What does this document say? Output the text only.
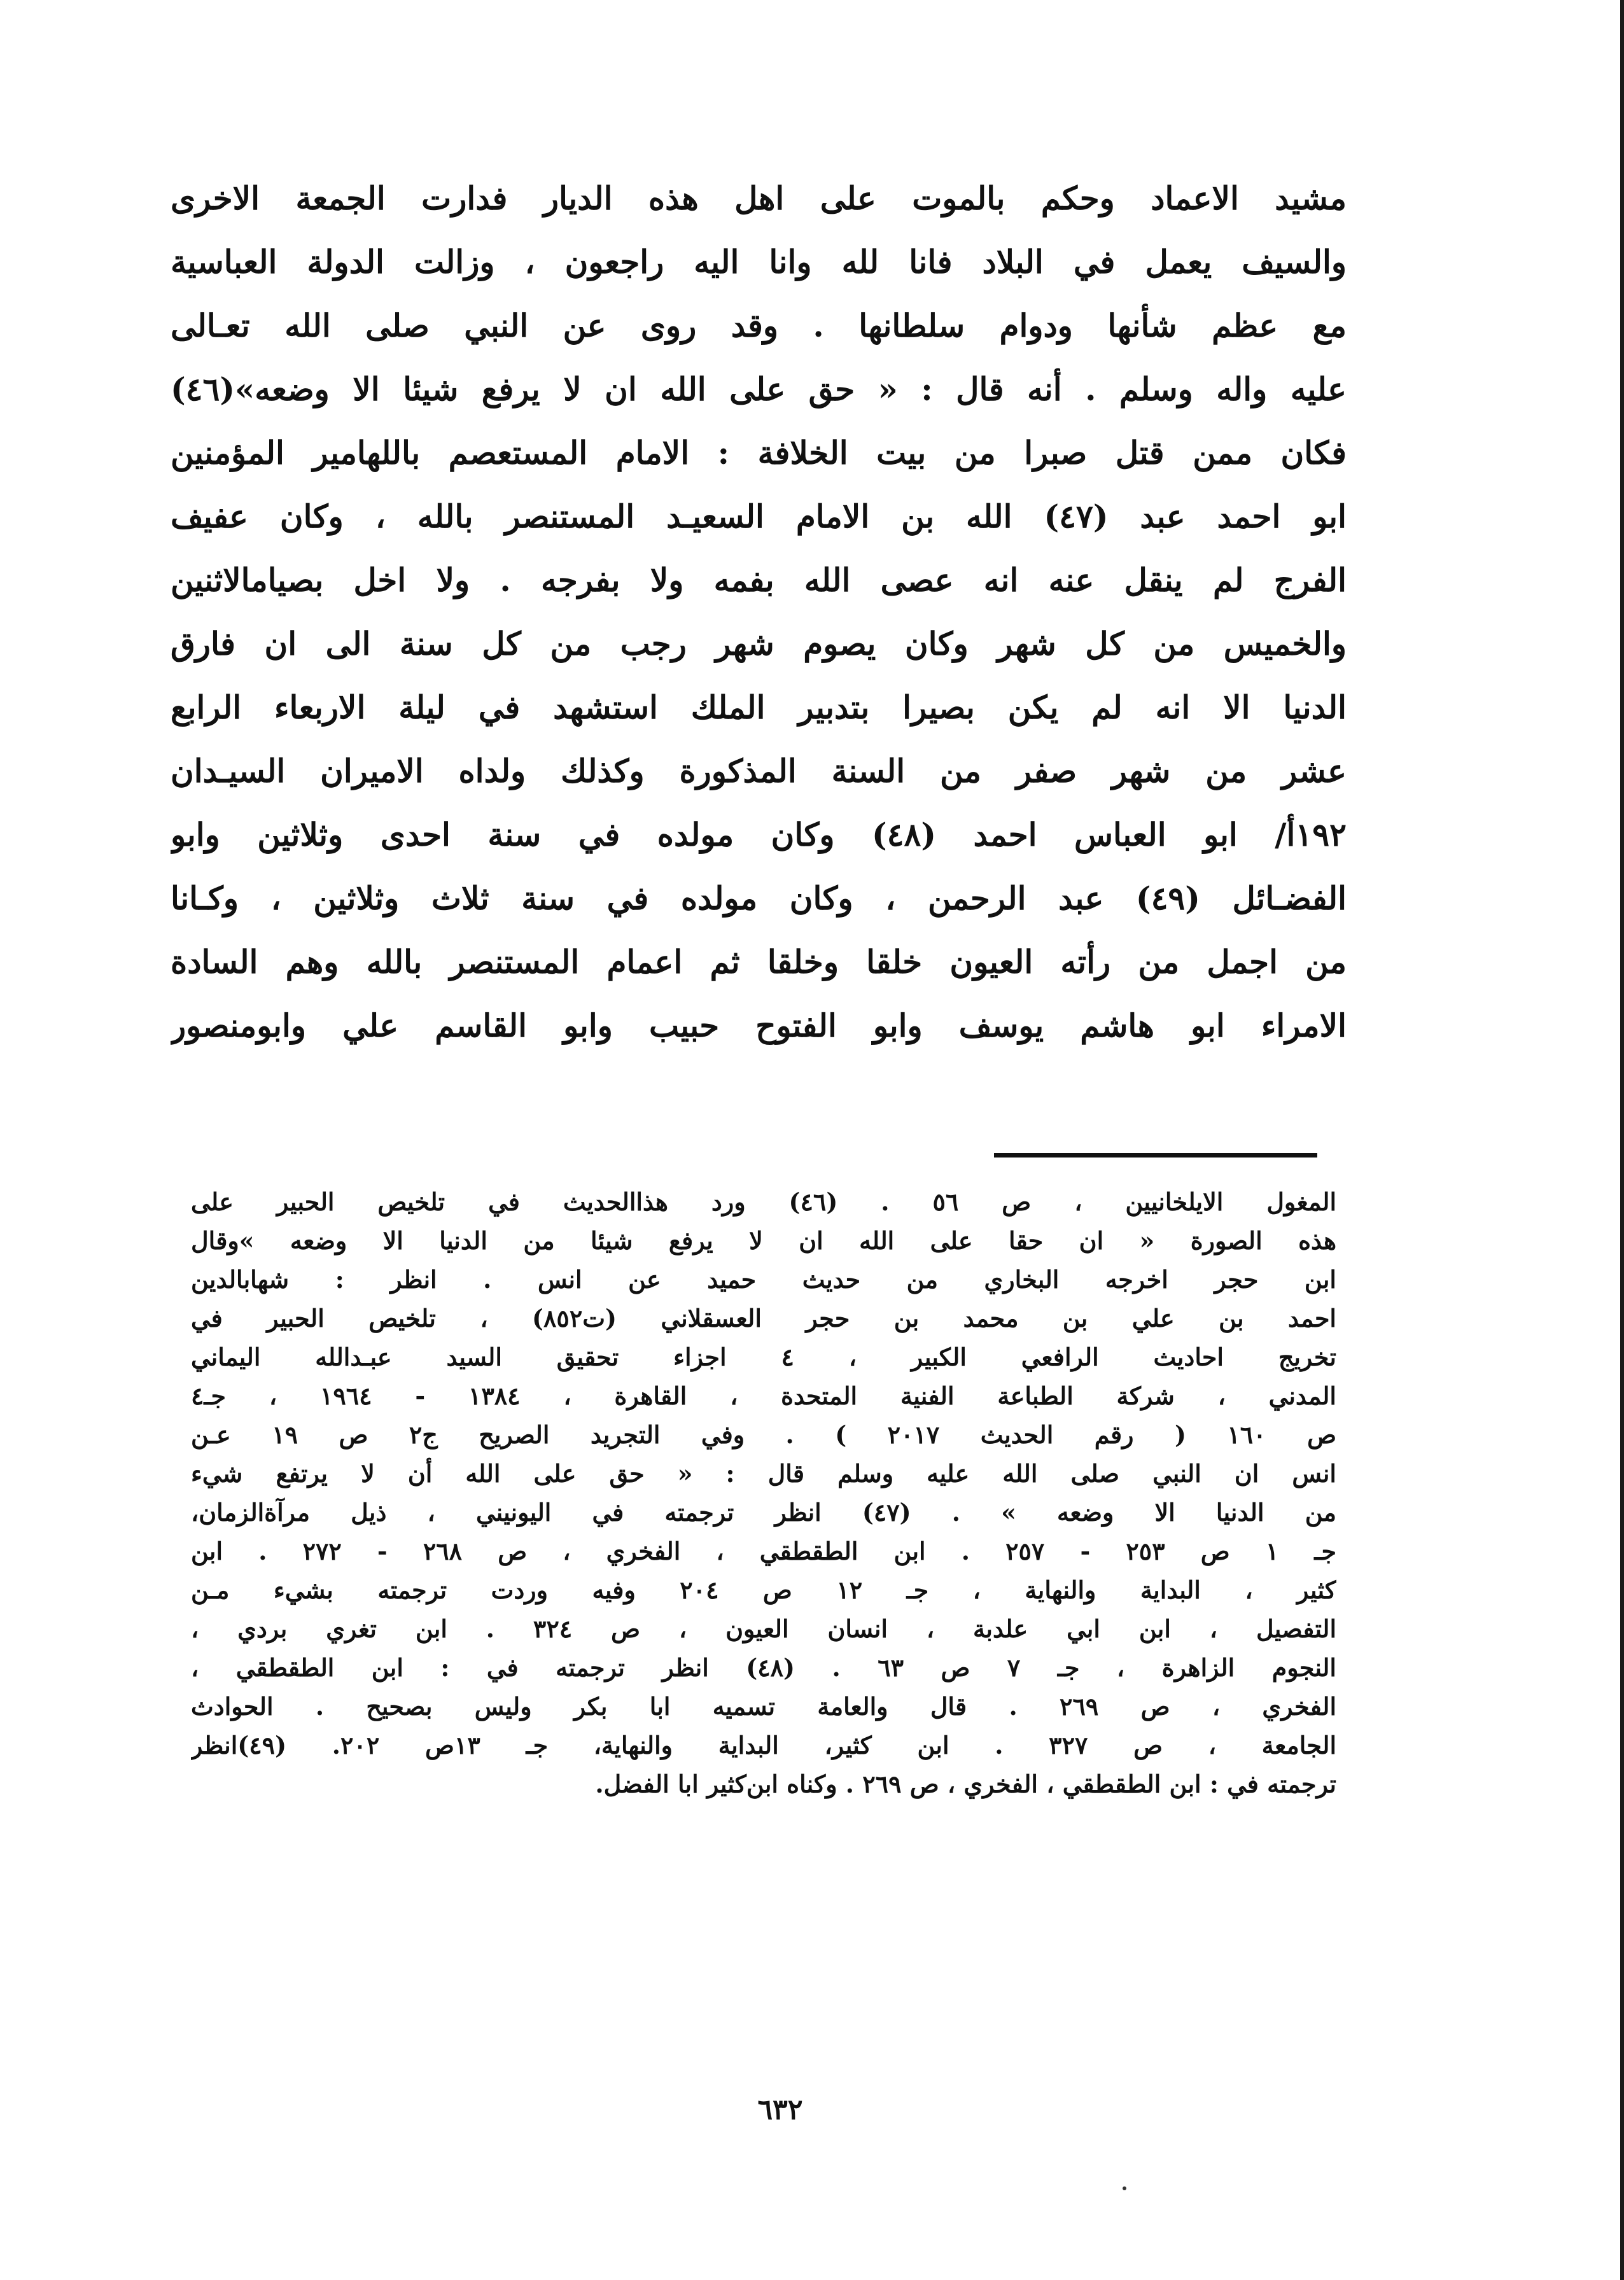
مشيد الاعماد وحكم بالموت على اهل هذه الديار فدارت الجمعة الاخرى
والسيف يعمل في البلاد فانا لله وانا اليه راجعون ، وزالت الدولة العباسية
مع عظم شأنها ودوام سلطانها . وقد روى عن النبي صلى الله تعـالى
عليه واله وسلم . أنه قال : « حق على الله ان لا يرفع شيئا الا وضعه»(٤٦)
فكان ممن قتل صبرا من بيت الخلافة : الامام المستعصم باللهامير المؤمنين
ابو احمد عبد (٤٧) الله بن الامام السعيـد المستنصر بالله ، وكان عفيف
الفرج لم ينقل عنه انه عصى الله بفمه ولا بفرجه . ولا اخل بصيامالاثنين
والخميس من كل شهر وكان يصوم شهر رجب من كل سنة الى ان فارق
الدنيا الا انه لم يكن بصيرا بتدبير الملك استشهد في ليلة الاربعاء الرابع
عشر من شهر صفر من السنة المذكورة وكذلك ولداه الاميران السيـدان
١٩٢أ/ ابو العباس احمد (٤٨) وكان مولده في سنة احدى وثلاثين وابو
الفضـائل (٤٩) عبد الرحمن ، وكان مولده في سنة ثلاث وثلاثين ، وكـانا
من اجمل من رأته العيون خلقا وخلقا ثم اعمام المستنصر بالله وهم السادة
الامراء ابو هاشم يوسف وابو الفتوح حبيب وابو القاسم علي وابومنصور
المغول الايلخانيين ، ص ٥٦ . (٤٦) ورد هذاالحديث في تلخيص الحبير على
هذه الصورة « ان حقا على الله ان لا يرفع شيئا من الدنيا الا وضعه »وقال
ابن حجر اخرجه البخاري من حديث حميد عن انس . انظر : شهابالدين
احمد بن علي بن محمد بن حجر العسقلاني (ت٨٥٢) ، تلخيص الحبير في
تخريج احاديث الرافعي الكبير ، ٤ اجزاء تحقيق السيد عبـدالله اليماني
المدني ، شركة الطباعة الفنية المتحدة ، القاهرة ، ١٣٨٤ - ١٩٦٤ ، جـ٤
ص ١٦٠ ( رقم الحديث ٢٠١٧ ) . وفي التجريد الصريح ج٢ ص ١٩ عـن
انس ان النبي صلى الله عليه وسلم قال : « حق على الله أن لا يرتفع شيء
من الدنيا الا وضعه » . (٤٧) انظر ترجمته في اليونيني ، ذيل مرآةالزمان،
جـ ١ ص ٢٥٣ - ٢٥٧ . ابن الطقطقي ، الفخري ، ص ٢٦٨ - ٢٧٢ . ابن
كثير ، البداية والنهاية ، جـ ١٢ ص ٢٠٤ وفيه وردت ترجمته بشيء مـن
التفصيل ، ابن ابي علدبة ، انسان العيون ، ص ٣٢٤ . ابن تغري بردي ،
النجوم الزاهرة ، جـ ٧ ص ٦٣ . (٤٨) انظر ترجمته في : ابن الطقطقي ،
الفخري ، ص ٢٦٩ . قال والعامة تسميه ابا بكر وليس بصحيح . الحوادث
الجامعة ، ص ٣٢٧ . ابن كثير، البداية والنهاية، جـ ١٣ص ٢٠٢. (٤٩)انظر
ترجمته في : ابن الطقطقي ، الفخري ، ص ٢٦٩ . وكناه ابن‌كثير ابا الفضل.
٦٣٢
